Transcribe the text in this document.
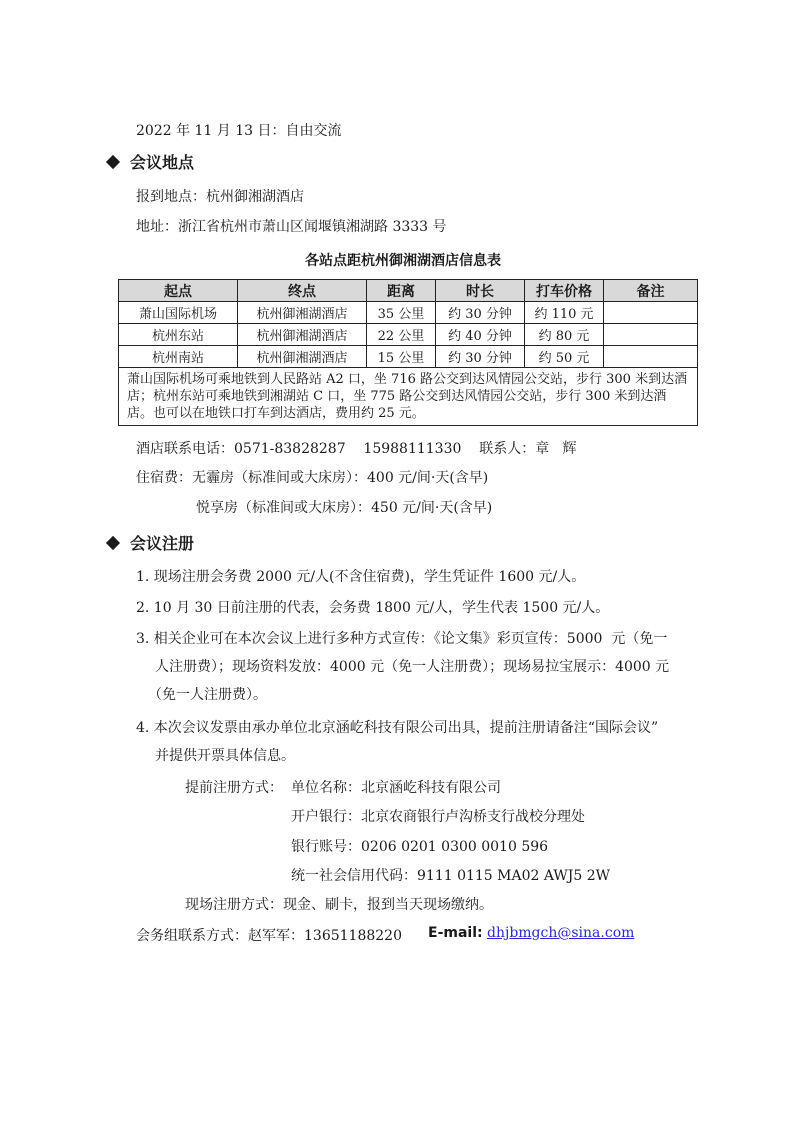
2022 年 11 月 13 日：自由交流
会议地点
报到地点：杭州御湘湖酒店
地址：浙江省杭州市萧山区闻堰镇湘湖路 3333 号
各站点距杭州御湘湖酒店信息表
起点	终点	距离	时长	打车价格	备注
萧山国际机场	杭州御湘湖酒店	35 公里	约 30 分钟	约 110 元	
杭州东站	杭州御湘湖酒店	22 公里	约 40 分钟	约 80 元	
杭州南站	杭州御湘湖酒店	15 公里	约 30 分钟	约 50 元	
萧山国际机场可乘地铁到人民路站 A2 口，坐 716 路公交到达风情园公交站，步行 300 米到达酒店；杭州东站可乘地铁到湘湖站 C 口，坐 775 路公交到达风情园公交站，步行 300 米到达酒店。也可以在地铁口打车到达酒店，费用约 25 元。					
酒店联系电话：0571-83828287    15988111330    联系人：章   辉
住宿费：无霾房（标准间或大床房）：400 元/间·天(含早)
悦享房（标准间或大床房）：450 元/间·天(含早)
会议注册
1. 现场注册会务费 2000 元/人(不含住宿费)，学生凭证件 1600 元/人。
2. 10 月 30 日前注册的代表，会务费 1800 元/人，学生代表 1500 元/人。
3. 相关企业可在本次会议上进行多种方式宣传：《论文集》彩页宣传：5000  元（免一
人注册费）；现场资料发放：4000 元（免一人注册费）；现场易拉宝展示：4000 元
（免一人注册费）。
4. 本次会议发票由承办单位北京涵屹科技有限公司出具，提前注册请备注“国际会议”
并提供开票具体信息。
提前注册方式： 单位名称：北京涵屹科技有限公司
开户银行：北京农商银行卢沟桥支行战校分理处
银行账号：0206 0201 0300 0010 596
统一社会信用代码：9111 0115 MA02 AWJ5 2W
现场注册方式：现金、刷卡，报到当天现场缴纳。
会务组联系方式：赵军军：13651188220 E-mail: dhjbmgch@sina.com
